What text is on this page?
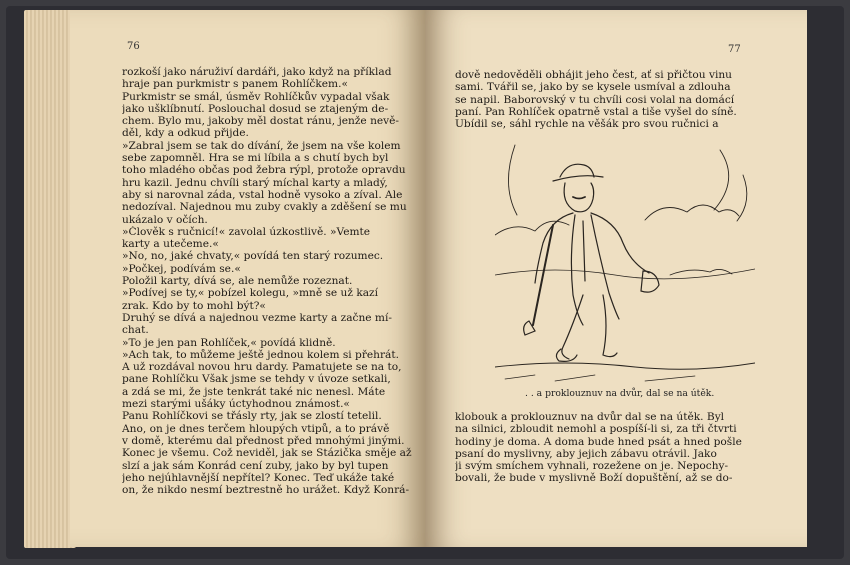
76
rozkoší jako náruživí dardáři, jako když na příklad
hraje pan purkmistr s panem Rohlíčkem.«
Purkmistr se smál, úsměv Rohlíčkův vypadal však
jako ušklíbnutí. Poslouchal dosud se ztajeným de-
chem. Bylo mu, jakoby měl dostat ránu, jenže nevě-
děl, kdy a odkud přijde.
»Zabral jsem se tak do dívání, že jsem na vše kolem
sebe zapomněl. Hra se mi líbila a s chutí bych byl
toho mladého občas pod žebra rýpl, protože opravdu
hru kazil. Jednu chvíli starý míchal karty a mladý,
aby si narovnal záda, vstal hodně vysoko a zíval. Ale
nedozíval. Najednou mu zuby cvakly a zděšení se mu
ukázalo v očích.
»Člověk s ručnicí!« zavolal úzkostlivě. »Vemte
karty a utečeme.«
»No, no, jaké chvaty,« povídá ten starý rozumec.
»Počkej, podívám se.«
Položil karty, dívá se, ale nemůže rozeznat.
»Podívej se ty,« pobízel kolegu, »mně se už kazí
zrak. Kdo by to mohl být?«
Druhý se dívá a najednou vezme karty a začne mí-
chat.
»To je jen pan Rohlíček,« povídá klidně.
»Ach tak, to můžeme ještě jednou kolem si přehrát.
A už rozdával novou hru dardy. Pamatujete se na to,
pane Rohlíčku Však jsme se tehdy v úvoze setkali,
a zdá se mi, že jste tenkrát také nic nenesl. Máte
mezi starými ušáky úctyhodnou známost.«
Panu Rohlíčkovi se třásly rty, jak se zlostí tetelil.
Ano, on je dnes terčem hloupých vtipů, a to právě
v domě, kterému dal přednost před mnohými jinými.
Konec je všemu. Což neviděl, jak se Stázička směje až
slzí a jak sám Konrád cení zuby, jako by byl tupen
jeho nejúhlavnější nepřítel? Konec. Teď ukáže také
on, že nikdo nesmí beztrestně ho urážet. Když Konrá-
77
dově nedověděli obhájit jeho čest, ať si přičtou vinu
sami. Tvářil se, jako by se kysele usmíval a zdlouha
se napil. Baborovský v tu chvíli cosi volal na domácí
paní. Pan Rohlíček opatrně vstal a tiše vyšel do síně.
Ubídil se, sáhl rychle na věšák pro svou ručnici a
. . a proklouznuv na dvůr, dal se na útěk.
klobouk a proklouznuv na dvůr dal se na útěk. Byl
na silnici, zbloudit nemohl a pospíší-li si, za tři čtvrti
hodiny je doma. A doma bude hned psát a hned pošle
psaní do myslivny, aby jejich zábavu otrávil. Jako
ji svým smíchem vyhnali, rozežene on je. Nepochy-
bovali, že bude v myslivně Boží dopuštění, až se do-
